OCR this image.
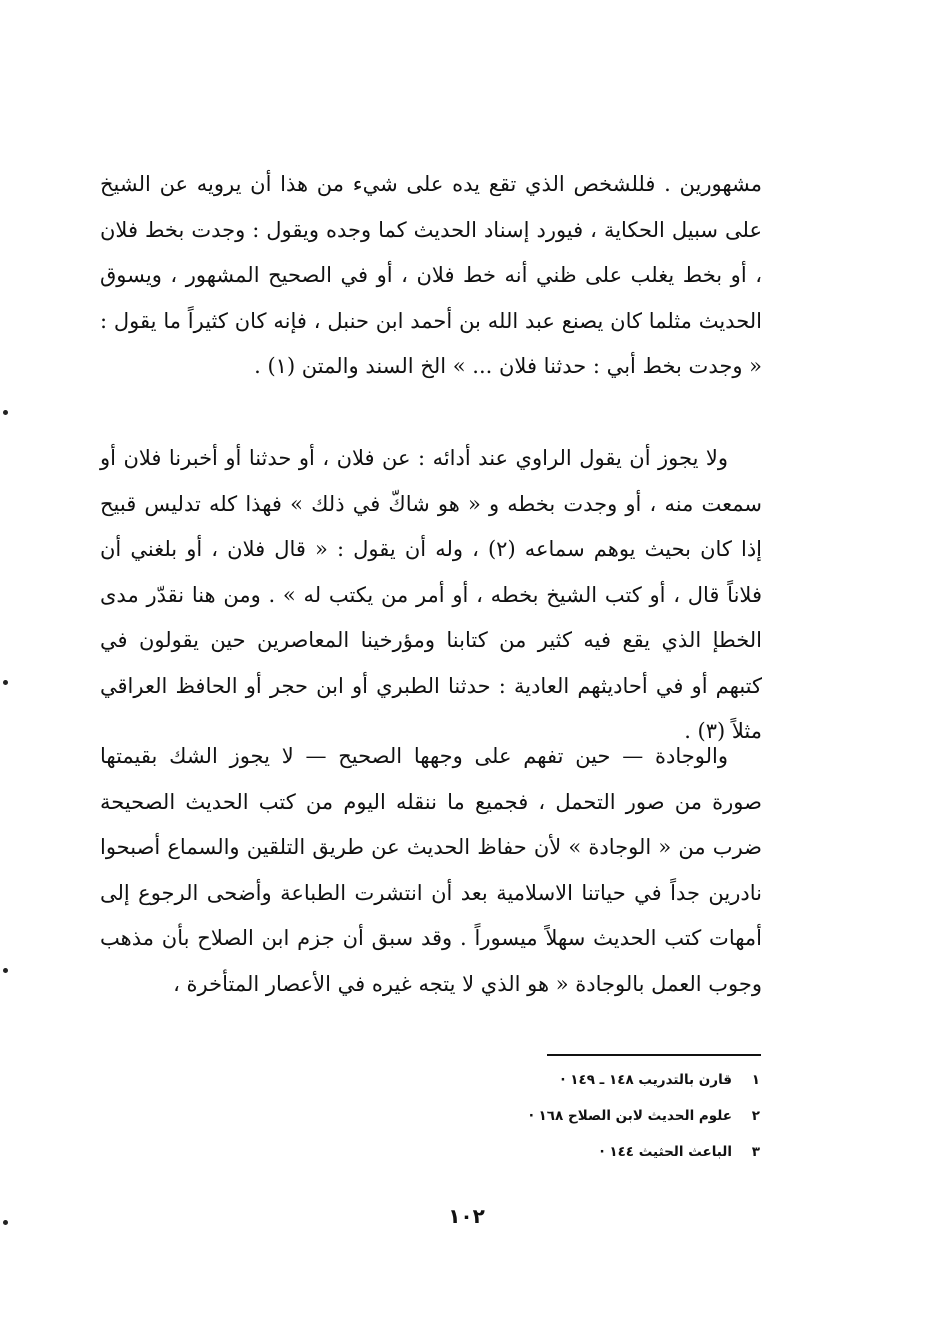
مشهورين . فللشخص الذي تقع يده على شيء من هذا أن يرويه عن الشيخ على سبيل الحكاية ، فيورد إسناد الحديث كما وجده ويقول : وجدت بخط فلان ، أو بخط يغلب على ظني أنه خط فلان ، أو في الصحيح المشهور ، ويسوق الحديث مثلما كان يصنع عبد الله بن أحمد ابن حنبل ، فإنه كان كثيراً ما يقول : « وجدت بخط أبي : حدثنا فلان ... » الخ السند والمتن (١) .

ولا يجوز أن يقول الراوي عند أدائه : عن فلان ، أو حدثنا أو أخبرنا فلان أو سمعت منه ، أو وجدت بخطه و « هو شاكّ في ذلك » فهذا كله تدليس قبيح إذا كان بحيث يوهم سماعه (٢) ، وله أن يقول : « قال فلان ، أو بلغني أن فلاناً قال ، أو كتب الشيخ بخطه ، أو أمر من يكتب له » . ومن هنا نقدّر مدى الخطإ الذي يقع فيه كثير من كتابنا ومؤرخينا المعاصرين حين يقولون في كتبهم أو في أحاديثهم العادية : حدثنا الطبري أو ابن حجر أو الحافظ العراقي مثلاً (٣) .

والوجادة — حين تفهم على وجهها الصحيح — لا يجوز الشك بقيمتها صورة من صور التحمل ، فجميع ما ننقله اليوم من كتب الحديث الصحيحة ضرب من « الوجادة » لأن حفاظ الحديث عن طريق التلقين والسماع أصبحوا نادرين جداً في حياتنا الاسلامية بعد أن انتشرت الطباعة وأضحى الرجوع إلى أمهات كتب الحديث سهلاً ميسوراً . وقد سبق أن جزم ابن الصلاح بأن مذهب وجوب العمل بالوجادة « هو الذي لا يتجه غيره في الأعصار المتأخرة ،

١
قارن بالتدريب ١٤٨ ـ ١٤٩ ·
٢
علوم الحديث لابن الصلاح ١٦٨ ·
٣
الباعث الحثيث ١٤٤ ·
١٠٢
